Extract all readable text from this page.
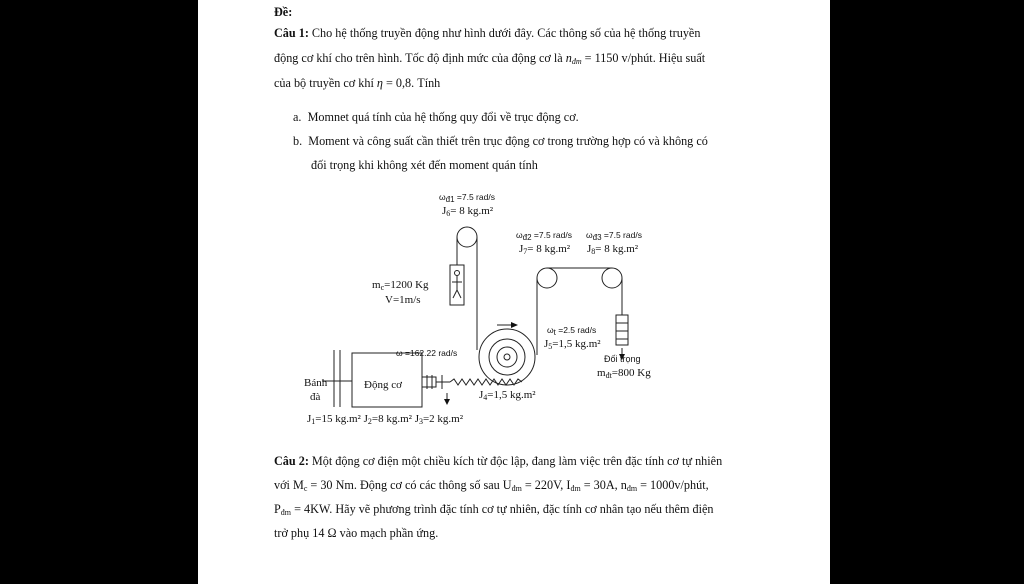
Đề:
Câu 1: Cho hệ thống truyền động như hình dưới đây. Các thông số của hệ thống truyền
động cơ khí cho trên hình. Tốc độ định mức của động cơ là $n_{đm} = 1150$ v/phút. Hiệu suất
của bộ truyền cơ khí η = 0,8. Tính
a. Momnet quá tính của hệ thống quy đổi về trục động cơ.
b. Moment và công suất cần thiết trên trục động cơ trong trường hợp có và không có
đối trọng khi không xét đến moment quán tính
$\omega_{đ1} =7.5$ rad/s
$J_6= 8$ kg.m²
$\omega_{đ2} =7.5$ rad/s
$J_7= 8$ kg.m²
$\omega_{đ3} =7.5$ rad/s
$J_8= 8$ kg.m²
$m_c=1200$ Kg
V=1m/s
$\omega_t =2.5$ rad/s
$J_5=1,5$ kg.m²
ω =162.22 rad/s
Đối trọng
$m_{đt}=800$ Kg
Bánh
đà
Động cơ
$J_4=1,5$ kg.m²
$J_1=15$ kg.m² $J_2=8$ kg.m² $J_3=2$ kg.m²
Câu 2: Một động cơ điện một chiều kích từ độc lập, đang làm việc trên đặc tính cơ tự nhiên
với $M_c = 30$ Nm. Động cơ có các thông số sau $U_{đm} = 220V$, $I_{đm} = 30A$, $n_{đm}$ = 1000v/phút,
$P_{đm} = 4KW$. Hãy vẽ phương trình đặc tính cơ tự nhiên, đặc tính cơ nhân tạo nếu thêm điện
trở phụ 14 Ω vào mạch phần ứng.
